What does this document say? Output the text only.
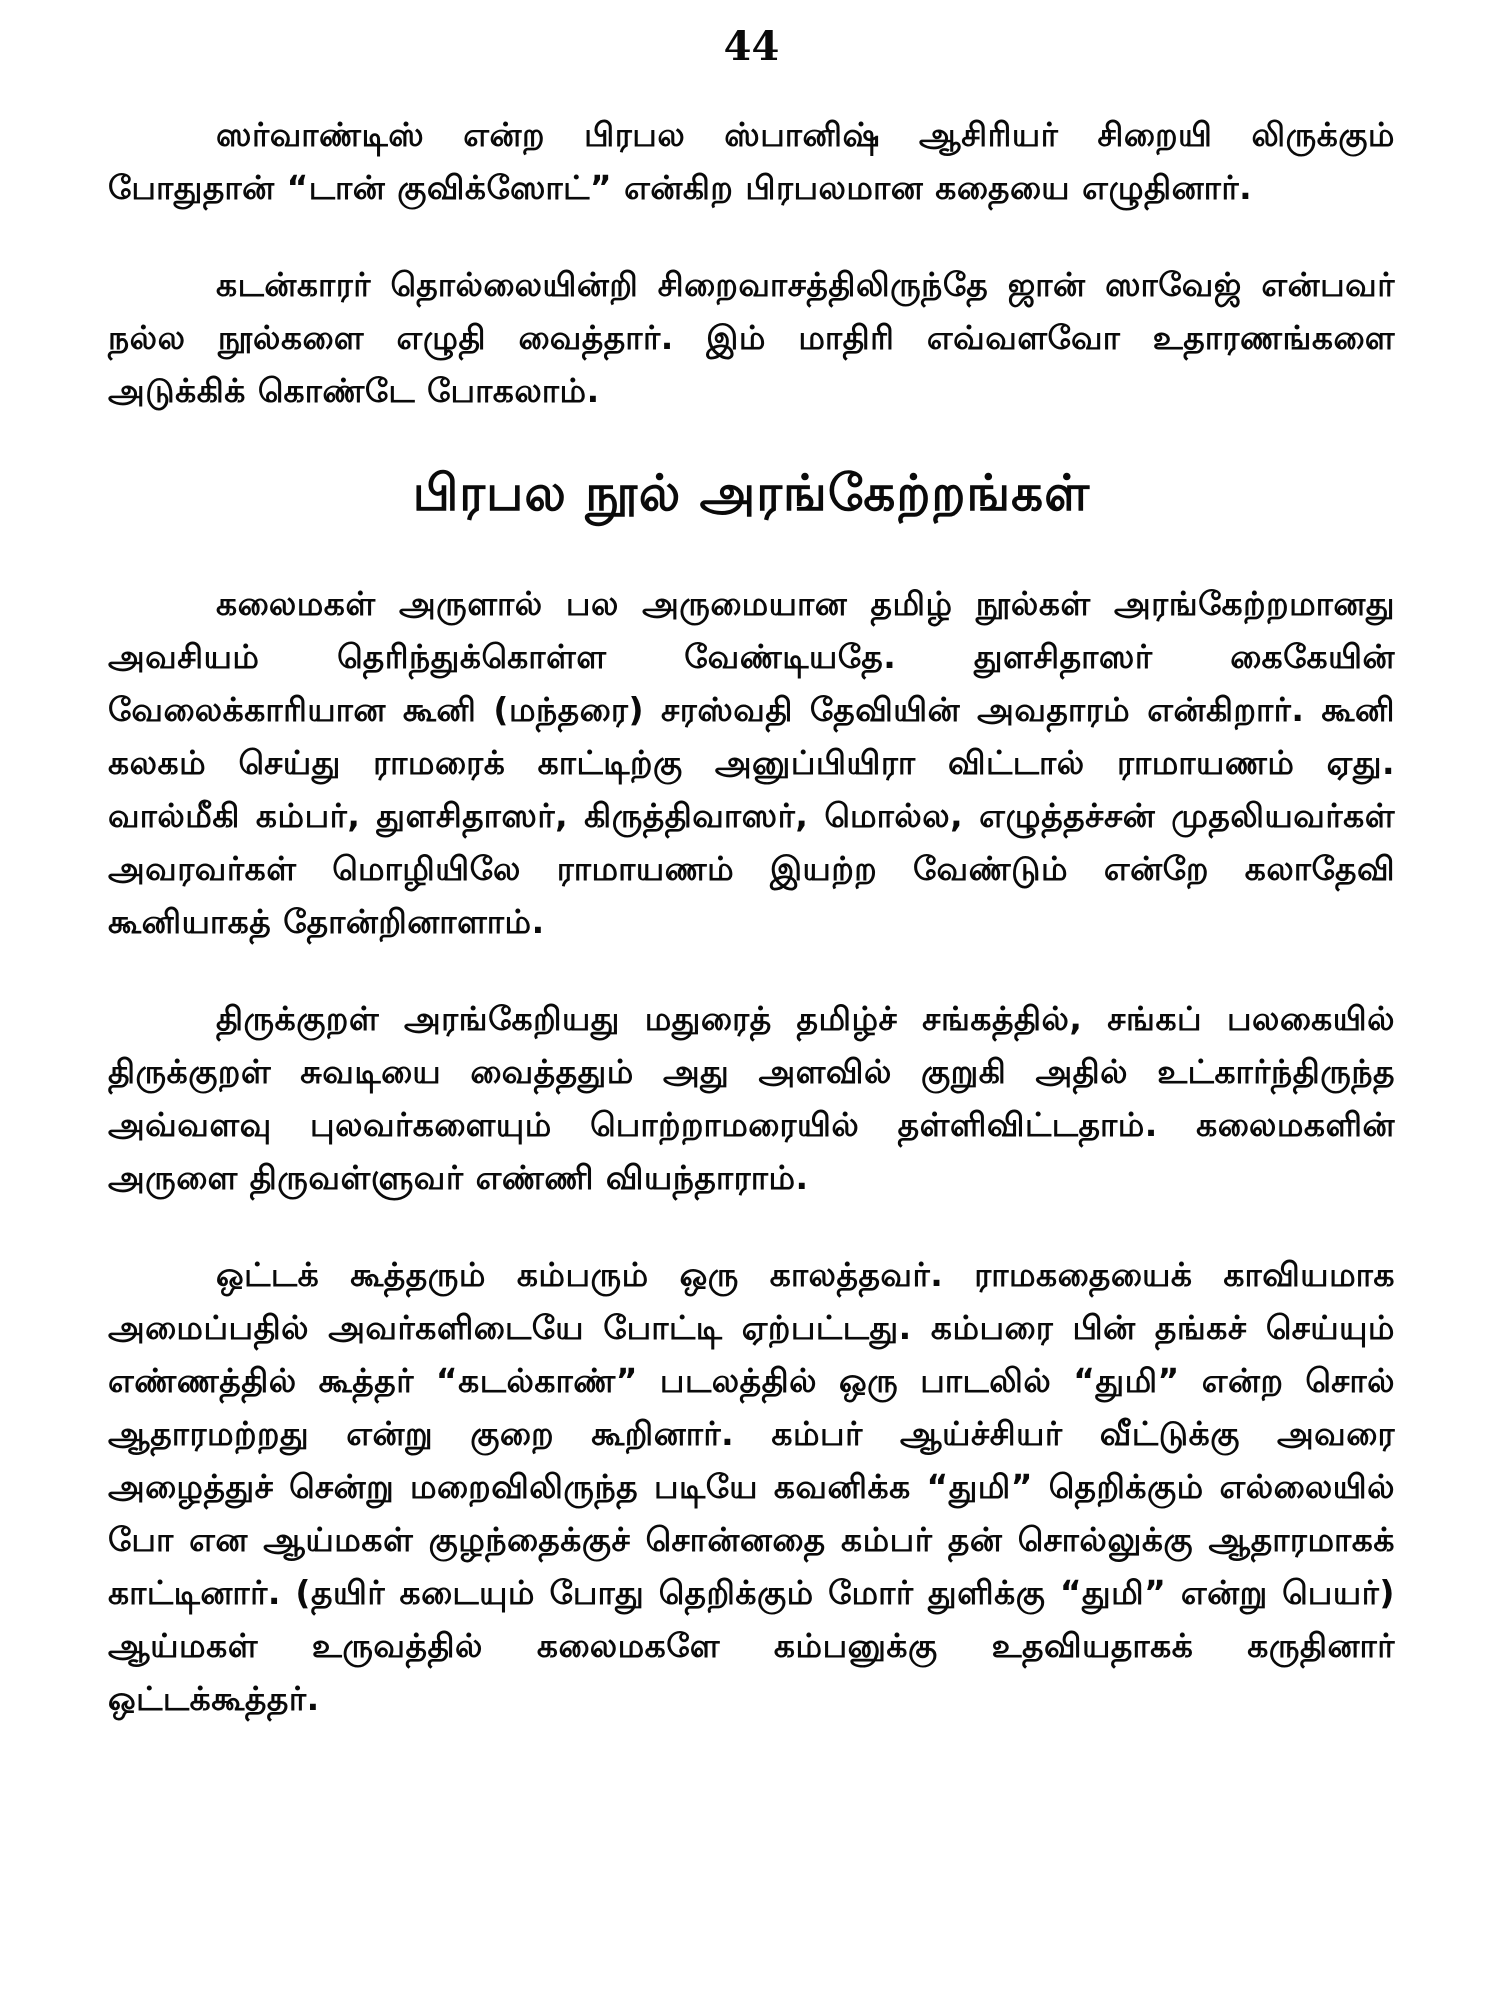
44

ஸர்வாண்டிஸ் என்ற பிரபல ஸ்பானிஷ் ஆசிரியர் சிறையி லிருக்கும் போதுதான் “டான் குவிக்ஸோட்” என்கிற பிரபலமான கதையை எழுதினார்.

கடன்காரர் தொல்லையின்றி சிறைவாசத்திலிருந்தே ஜான் ஸாவேஜ் என்பவர் நல்ல நூல்களை எழுதி வைத்தார். இம் மாதிரி எவ்வளவோ உதாரணங்களை அடுக்கிக் கொண்டே போகலாம்.

பிரபல நூல் அரங்கேற்றங்கள்

கலைமகள் அருளால் பல அருமையான தமிழ் நூல்கள் அரங்கேற்றமானது அவசியம் தெரிந்துக்கொள்ள வேண்டியதே. துளசிதாஸர் கைகேயின் வேலைக்காரியான கூனி (மந்தரை) சரஸ்வதி தேவியின் அவதாரம் என்கிறார். கூனி கலகம் செய்து ராமரைக் காட்டிற்கு அனுப்பியிரா விட்டால் ராமாயணம் ஏது. வால்மீகி கம்பர், துளசிதாஸர், கிருத்திவாஸர், மொல்ல, எழுத்தச்சன் முதலியவர்கள் அவரவர்கள் மொழியிலே ராமாயணம் இயற்ற வேண்டும் என்றே கலாதேவி கூனியாகத் தோன்றினாளாம்.

திருக்குறள் அரங்கேறியது மதுரைத் தமிழ்ச் சங்கத்தில், சங்கப் பலகையில் திருக்குறள் சுவடியை வைத்ததும் அது அளவில் குறுகி அதில் உட்கார்ந்திருந்த அவ்வளவு புலவர்களையும் பொற்றாமரையில் தள்ளிவிட்டதாம். கலைமகளின் அருளை திருவள்ளுவர் எண்ணி வியந்தாராம்.

ஒட்டக் கூத்தரும் கம்பரும் ஒரு காலத்தவர். ராமகதையைக் காவியமாக அமைப்பதில் அவர்களிடையே போட்டி ஏற்பட்டது. கம்பரை பின் தங்கச் செய்யும் எண்ணத்தில் கூத்தர் “கடல்காண்” படலத்தில் ஒரு பாடலில் “துமி” என்ற சொல் ஆதாரமற்றது என்று குறை கூறினார். கம்பர் ஆய்ச்சியர் வீட்டுக்கு அவரை அழைத்துச் சென்று மறைவிலிருந்த படியே கவனிக்க “துமி” தெறிக்கும் எல்லையில் போ என ஆய்மகள் குழந்தைக்குச் சொன்னதை கம்பர் தன் சொல்லுக்கு ஆதாரமாகக் காட்டினார். (தயிர் கடையும் போது தெறிக்கும் மோர் துளிக்கு “துமி” என்று பெயர்) ஆய்மகள் உருவத்தில் கலைமகளே கம்பனுக்கு உதவியதாகக் கருதினார் ஒட்டக்கூத்தர்.
